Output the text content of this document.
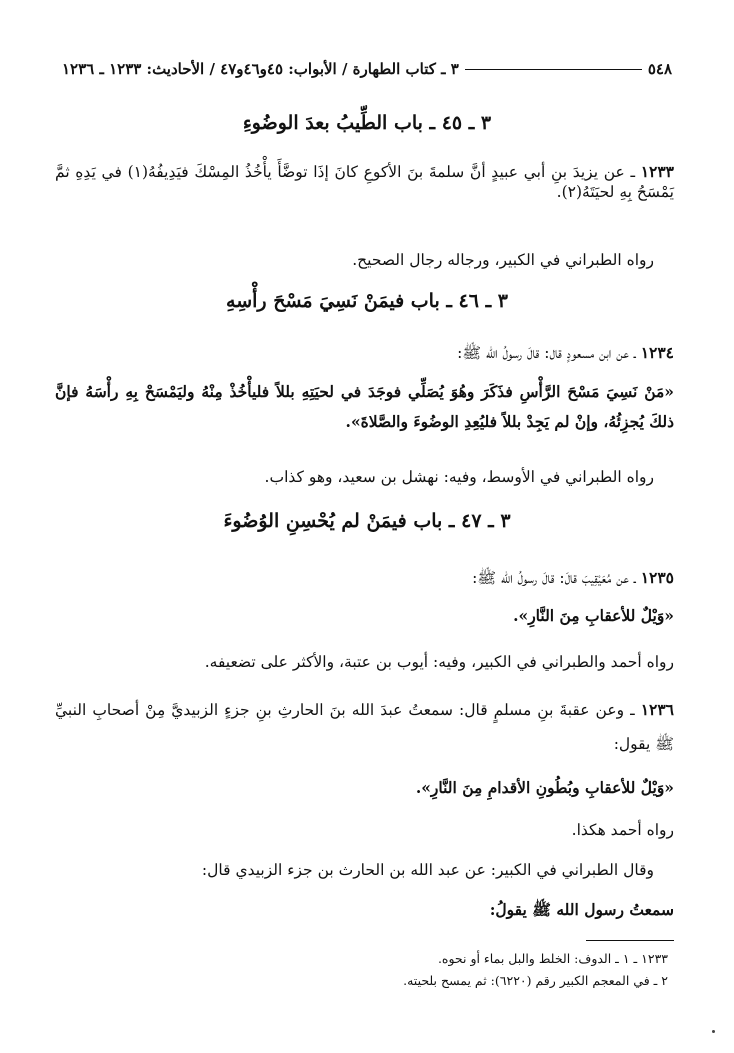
٥٤٨
٣ ـ كتاب الطهارة / الأبواب: ٤٥و٤٦و٤٧ / الأحاديث: ١٢٣٣ ـ ١٢٣٦
٣ ـ ٤٥ ـ باب الطِّيبُ بعدَ الوضُوءِ
١٢٣٣ ـ عن يزيدَ بنِ أبي عبيدٍ أنَّ سلمةَ بنَ الأكوعِ كانَ إذَا توضَّأَ يأْخُذُ المِسْكَ فيَدِيفُهُ(١) في يَدِهِ ثمَّ يَمْسَحُ بِهِ لحيَتَهُ(٢).
رواه الطبراني في الكبير، ورجاله رجال الصحيح.
٣ ـ ٤٦ ـ باب فيمَنْ نَسِيَ مَسْحَ رأْسِهِ
١٢٣٤ ـ عن ابن مسعودٍ قال: قالَ رسولُ الله ﷺ:
«مَنْ نَسِيَ مَسْحَ الرَّأْسِ فذَكَرَ وهُوَ يُصَلِّي فوجَدَ في لحيَتِهِ بللاً فليأْخُذْ مِنْهُ وليَمْسَحْ بِهِ رأْسَهُ فإنَّ ذلكَ يُجزِئُهُ، وإنْ لم يَجِدْ بللاً فليُعِدِ الوضُوءَ والصَّلاةَ».
رواه الطبراني في الأوسط، وفيه: نهشل بن سعيد، وهو كذاب.
٣ ـ ٤٧ ـ باب فيمَنْ لم يُحْسِنِ الوُضُوءَ
١٢٣٥ ـ عن مُعَيْقِيبَ قالَ: قالَ رسولُ الله ﷺ:
«وَيْلٌ للأعقابِ مِنَ النَّارِ».
رواه أحمد والطبراني في الكبير، وفيه: أيوب بن عتبة، والأكثر على تضعيفه.
١٢٣٦ ـ وعن عقبةَ بنِ مسلمٍ قال: سمعتُ عبدَ الله بنَ الحارثِ بنِ جزءٍ الزبيديَّ مِنْ أصحابِ النبيِّ ﷺ يقول:
«وَيْلٌ للأعقابِ وبُطُونِ الأقدامِ مِنَ النَّارِ».
رواه أحمد هكذا.
وقال الطبراني في الكبير: عن عبد الله بن الحارث بن جزء الزبيدي قال:
سمعتُ رسول الله ﷺ يقولُ:
١٢٣٣ ـ ١ ـ الدوف: الخلط والبل بماء أو نحوه.
٢ ـ في المعجم الكبير رقم (٦٢٢٠): ثم يمسح بلحيته.
